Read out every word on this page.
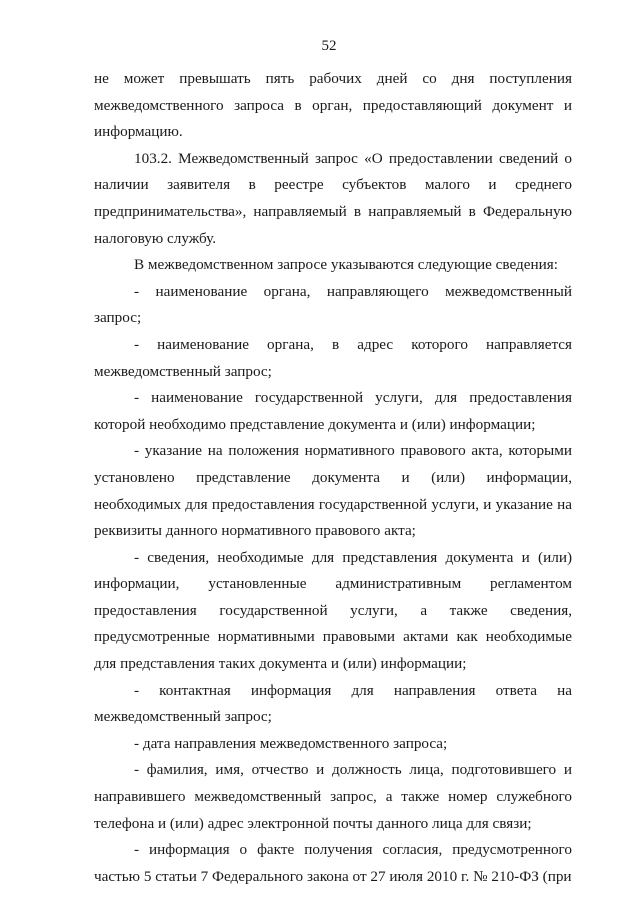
52

не может превышать пять рабочих дней со дня поступления межведомственного запроса в орган, предоставляющий документ и информацию.

103.2. Межведомственный запрос «О предоставлении сведений о наличии заявителя в реестре субъектов малого и среднего предпринимательства», направляемый в направляемый в Федеральную налоговую службу.

В межведомственном запросе указываются следующие сведения:

- наименование органа, направляющего межведомственный запрос;

- наименование органа, в адрес которого направляется межведомственный запрос;

- наименование государственной услуги, для предоставления которой необходимо представление документа и (или) информации;

- указание на положения нормативного правового акта, которыми установлено представление документа и (или) информации, необходимых для предоставления государственной услуги, и указание на реквизиты данного нормативного правового акта;

- сведения, необходимые для представления документа и (или) информации, установленные административным регламентом предоставления государственной услуги, а также сведения, предусмотренные нормативными правовыми актами как необходимые для представления таких документа и (или) информации;

- контактная информация для направления ответа на межведомственный запрос;

- дата направления межведомственного запроса;

- фамилия, имя, отчество и должность лица, подготовившего и направившего межведомственный запрос, а также номер служебного телефона и (или) адрес электронной почты данного лица для связи;

- информация о факте получения согласия, предусмотренного частью 5 статьи 7 Федерального закона от 27 июля 2010 г. № 210-ФЗ (при
